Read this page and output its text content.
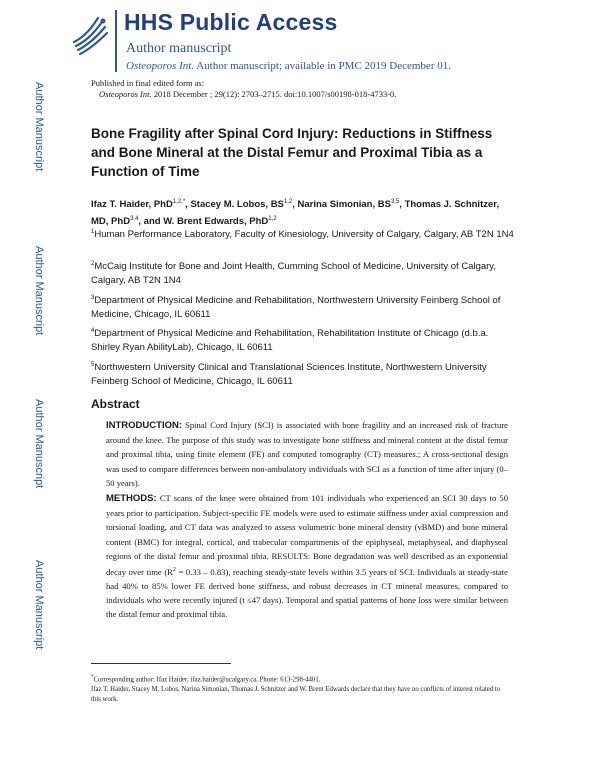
HHS Public Access
Author manuscript
Osteoporos Int. Author manuscript; available in PMC 2019 December 01.
Author Manuscript
Author Manuscript
Author Manuscript
Author Manuscript
Published in final edited form as:
Osteoporos Int. 2018 December ; 29(12): 2703–2715. doi:10.1007/s00198-018-4733-0.
Bone Fragility after Spinal Cord Injury: Reductions in Stiffness and Bone Mineral at the Distal Femur and Proximal Tibia as a Function of Time
Ifaz T. Haider, PhD$^{1,2,*}$, Stacey M. Lobos, BS$^{1,2}$, Narina Simonian, BS$^{3,5}$, Thomas J. Schnitzer, MD, PhD$^{3,4}$, and W. Brent Edwards, PhD$^{1,2}$
$^1$Human Performance Laboratory, Faculty of Kinesiology, University of Calgary, Calgary, AB T2N 1N4
$^2$McCaig Institute for Bone and Joint Health, Cumming School of Medicine, University of Calgary, Calgary, AB T2N 1N4
$^3$Department of Physical Medicine and Rehabilitation, Northwestern University Feinberg School of Medicine, Chicago, IL 60611
$^4$Department of Physical Medicine and Rehabilitation, Rehabilitation Institute of Chicago (d.b.a. Shirley Ryan AbilityLab), Chicago, IL 60611
$^5$Northwestern University Clinical and Translational Sciences Institute, Northwestern University Feinberg School of Medicine, Chicago, IL 60611
Abstract
INTRODUCTION: Spinal Cord Injury (SCI) is associated with bone fragility and an increased risk of fracture around the knee. The purpose of this study was to investigate bone stiffness and mineral content at the distal femur and proximal tibia, using finite element (FE) and computed tomography (CT) measures.; A cross-sectional design was used to compare differences between non-ambulatory individuals with SCI as a function of time after injury (0–50 years).
METHODS: CT scans of the knee were obtained from 101 individuals who experienced an SCI 30 days to 50 years prior to participation. Subject-specific FE models were used to estimate stiffness under axial compression and torsional loading, and CT data was analyzed to assess volumetric bone mineral density (vBMD) and bone mineral content (BMC) for integral, cortical, and trabecular compartments of the epiphyseal, metaphyseal, and diaphyseal regions of the distal femur and proximal tibia. RESULTS: Bone degradation was well described as an exponential decay over time $(R^2 = 0.33 - 0.83)$, reaching steady-state levels within 3.5 years of SCI. Individuals at steady-state had 40% to 85% lower FE derived bone stiffness, and robust decreases in CT mineral measures, compared to individuals who were recently injured (t ≤47 days). Temporal and spatial patterns of bone loss were similar between the distal femur and proximal tibia.
*Corresponding author: Ifaz Haider, ifaz.haider@ucalgary.ca, Phone: 613-298-4401.
Ifaz T. Haider, Stacey M. Lobos, Narina Simonian, Thomas J. Schnitzer and W. Brent Edwards declare that they have no conflicts of interest related to this work.
